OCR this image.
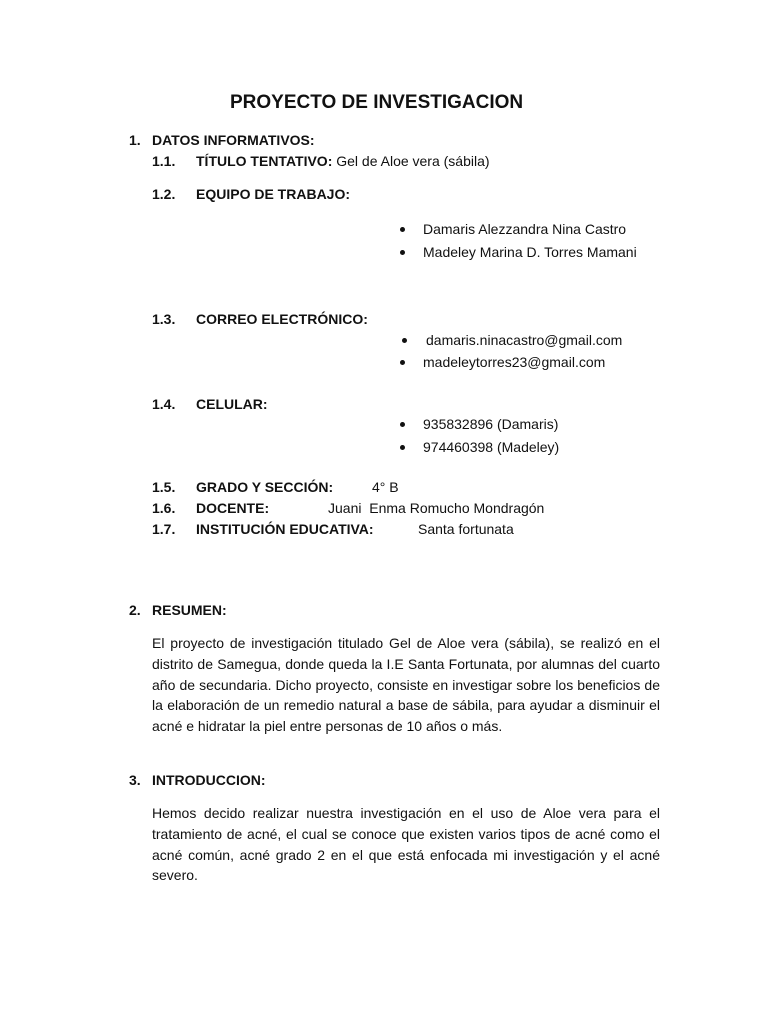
PROYECTO DE INVESTIGACION
1. DATOS INFORMATIVOS:
1.1. TÍTULO TENTATIVO: Gel de Aloe vera (sábila)
1.2. EQUIPO DE TRABAJO:
Damaris Alezzandra Nina Castro
Madeley Marina D. Torres Mamani
1.3. CORREO ELECTRÓNICO:
damaris.ninacastro@gmail.com
madeleytorres23@gmail.com
1.4. CELULAR:
935832896 (Damaris)
974460398 (Madeley)
1.5. GRADO Y SECCIÓN:	4° B
1.6. DOCENTE:	Juani  Enma Romucho Mondragón
1.7. INSTITUCIÓN EDUCATIVA:	Santa fortunata
2. RESUMEN:
El proyecto de investigación titulado Gel de Aloe vera (sábila), se realizó en el distrito de Samegua, donde queda la I.E Santa Fortunata, por alumnas del cuarto año de secundaria. Dicho proyecto, consiste en investigar sobre los beneficios de la elaboración de un remedio natural a base de sábila, para ayudar a disminuir el acné e hidratar la piel entre personas de 10 años o más.
3. INTRODUCCION:
Hemos decido realizar nuestra investigación en el uso de Aloe vera para el tratamiento de acné, el cual se conoce que existen varios tipos de acné como el acné común, acné grado 2 en el que está enfocada mi investigación y el acné severo.
